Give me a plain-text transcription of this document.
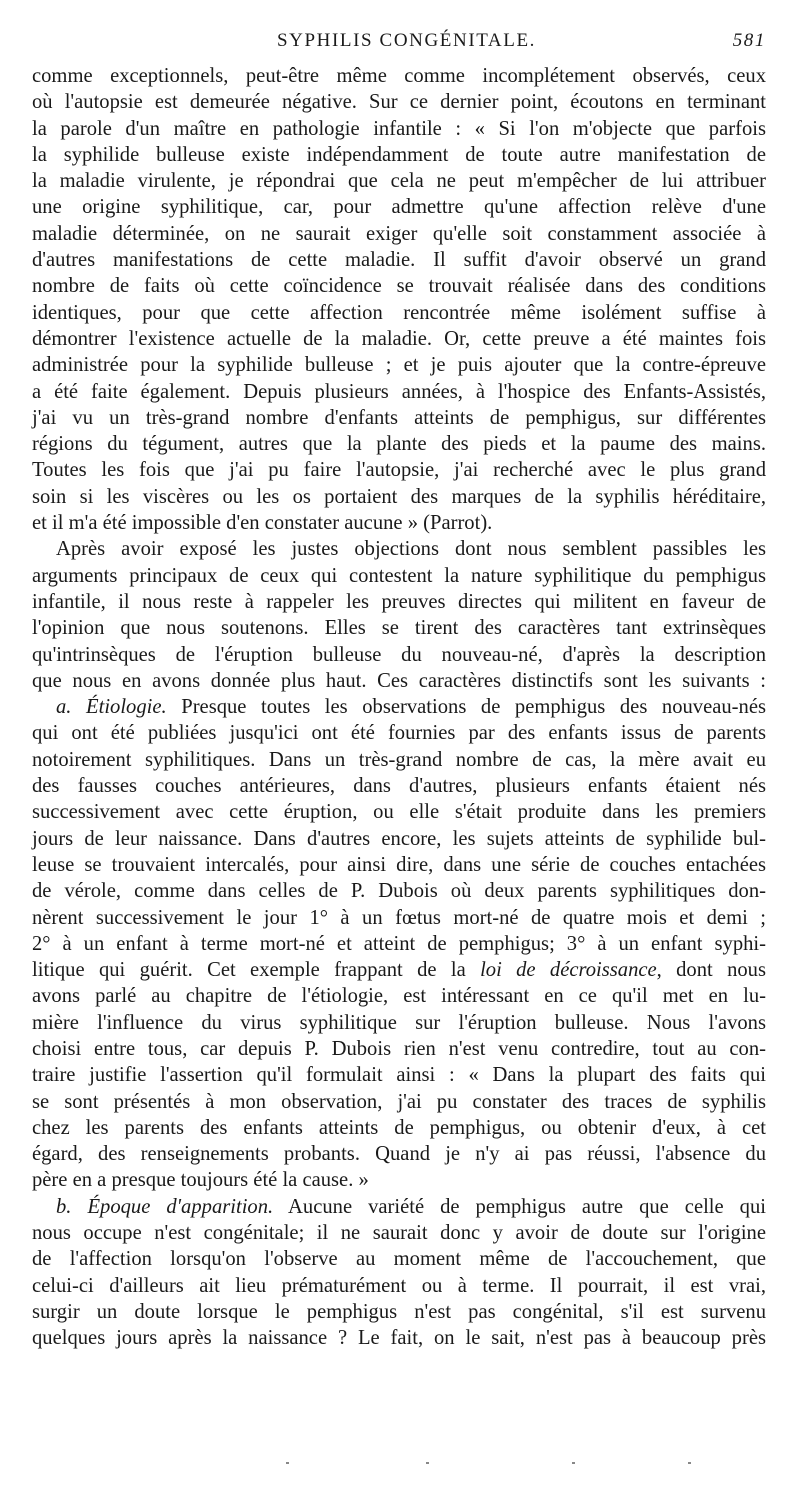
SYPHILIS CONGÉNITALE.	581
comme exceptionnels, peut-être même comme incomplétement observés, ceux
où l'autopsie est demeurée négative. Sur ce dernier point, écoutons en terminant
la parole d'un maître en pathologie infantile : « Si l'on m'objecte que parfois
la syphilide bulleuse existe indépendamment de toute autre manifestation de
la maladie virulente, je répondrai que cela ne peut m'empêcher de lui attribuer
une origine syphilitique, car, pour admettre qu'une affection relève d'une
maladie déterminée, on ne saurait exiger qu'elle soit constamment associée à
d'autres manifestations de cette maladie. Il suffit d'avoir observé un grand
nombre de faits où cette coïncidence se trouvait réalisée dans des conditions
identiques, pour que cette affection rencontrée même isolément suffise à
démontrer l'existence actuelle de la maladie. Or, cette preuve a été maintes fois
administrée pour la syphilide bulleuse ; et je puis ajouter que la contre-épreuve
a été faite également. Depuis plusieurs années, à l'hospice des Enfants-Assistés,
j'ai vu un très-grand nombre d'enfants atteints de pemphigus, sur différentes
régions du tégument, autres que la plante des pieds et la paume des mains.
Toutes les fois que j'ai pu faire l'autopsie, j'ai recherché avec le plus grand
soin si les viscères ou les os portaient des marques de la syphilis héréditaire,
et il m'a été impossible d'en constater aucune » (Parrot).
Après avoir exposé les justes objections dont nous semblent passibles les
arguments principaux de ceux qui contestent la nature syphilitique du pemphigus
infantile, il nous reste à rappeler les preuves directes qui militent en faveur de
l'opinion que nous soutenons. Elles se tirent des caractères tant extrinsèques
qu'intrinsèques de l'éruption bulleuse du nouveau-né, d'après la description
que nous en avons donnée plus haut. Ces caractères distinctifs sont les suivants :
a. Étiologie. Presque toutes les observations de pemphigus des nouveau-nés
qui ont été publiées jusqu'ici ont été fournies par des enfants issus de parents
notoirement syphilitiques. Dans un très-grand nombre de cas, la mère avait eu
des fausses couches antérieures, dans d'autres, plusieurs enfants étaient nés
successivement avec cette éruption, ou elle s'était produite dans les premiers
jours de leur naissance. Dans d'autres encore, les sujets atteints de syphilide bul-
leuse se trouvaient intercalés, pour ainsi dire, dans une série de couches entachées
de vérole, comme dans celles de P. Dubois où deux parents syphilitiques don-
nèrent successivement le jour 1° à un fœtus mort-né de quatre mois et demi ;
2° à un enfant à terme mort-né et atteint de pemphigus; 3° à un enfant syphi-
litique qui guérit. Cet exemple frappant de la loi de décroissance, dont nous
avons parlé au chapitre de l'étiologie, est intéressant en ce qu'il met en lu-
mière l'influence du virus syphilitique sur l'éruption bulleuse. Nous l'avons
choisi entre tous, car depuis P. Dubois rien n'est venu contredire, tout au con-
traire justifie l'assertion qu'il formulait ainsi : « Dans la plupart des faits qui
se sont présentés à mon observation, j'ai pu constater des traces de syphilis
chez les parents des enfants atteints de pemphigus, ou obtenir d'eux, à cet
égard, des renseignements probants. Quand je n'y ai pas réussi, l'absence du
père en a presque toujours été la cause. »
b. Époque d'apparition. Aucune variété de pemphigus autre que celle qui
nous occupe n'est congénitale; il ne saurait donc y avoir de doute sur l'origine
de l'affection lorsqu'on l'observe au moment même de l'accouchement, que
celui-ci d'ailleurs ait lieu prématurément ou à terme. Il pourrait, il est vrai,
surgir un doute lorsque le pemphigus n'est pas congénital, s'il est survenu
quelques jours après la naissance ? Le fait, on le sait, n'est pas à beaucoup près
